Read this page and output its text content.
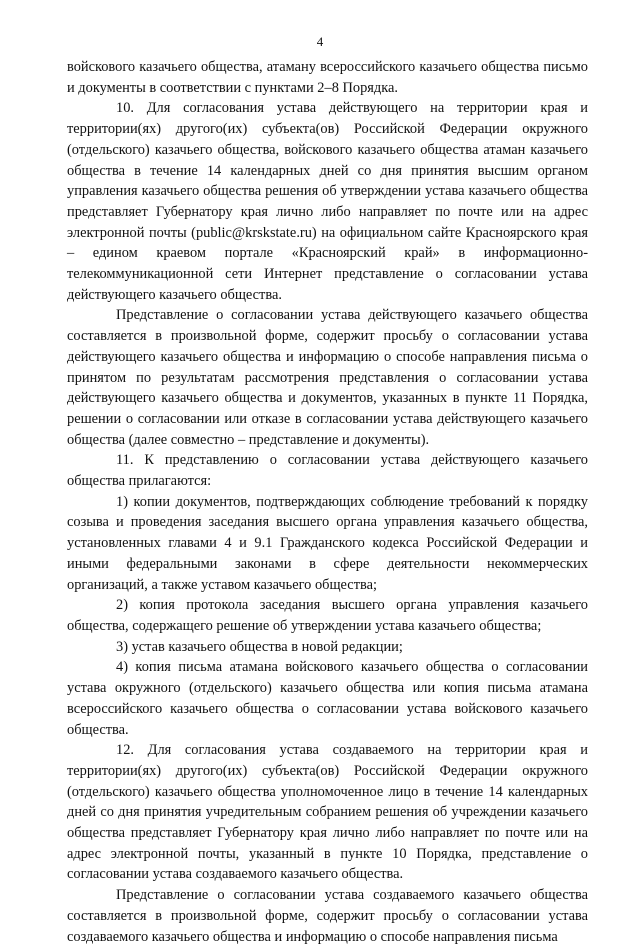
4

войскового казачьего общества, атаману всероссийского казачьего общества письмо и документы в соответствии с пунктами 2–8 Порядка.

10. Для согласования устава действующего на территории края и территории(ях) другого(их) субъекта(ов) Российской Федерации окружного (отдельского) казачьего общества, войскового казачьего общества атаман казачьего общества в течение 14 календарных дней со дня принятия высшим органом управления казачьего общества решения об утверждении устава казачьего общества представляет Губернатору края лично либо направляет по почте или на адрес электронной почты (public@krskstate.ru) на официальном сайте Красноярского края – едином краевом портале «Красноярский край» в информационно-телекоммуникационной сети Интернет представление о согласовании устава действующего казачьего общества.

Представление о согласовании устава действующего казачьего общества составляется в произвольной форме, содержит просьбу о согласовании устава действующего казачьего общества и информацию о способе направления письма о принятом по результатам рассмотрения представления о согласовании устава действующего казачьего общества и документов, указанных в пункте 11 Порядка, решении о согласовании или отказе в согласовании устава действующего казачьего общества (далее совместно – представление и документы).

11. К представлению о согласовании устава действующего казачьего общества прилагаются:

1) копии документов, подтверждающих соблюдение требований к порядку созыва и проведения заседания высшего органа управления казачьего общества, установленных главами 4 и 9.1 Гражданского кодекса Российской Федерации и иными федеральными законами в сфере деятельности некоммерческих организаций, а также уставом казачьего общества;

2) копия протокола заседания высшего органа управления казачьего общества, содержащего решение об утверждении устава казачьего общества;

3) устав казачьего общества в новой редакции;

4) копия письма атамана войскового казачьего общества о согласовании устава окружного (отдельского) казачьего общества или копия письма атамана всероссийского казачьего общества о согласовании устава войскового казачьего общества.

12. Для согласования устава создаваемого на территории края и территории(ях) другого(их) субъекта(ов) Российской Федерации окружного (отдельского) казачьего общества уполномоченное лицо в течение 14 календарных дней со дня принятия учредительным собранием решения об учреждении казачьего общества представляет Губернатору края лично либо направляет по почте или на адрес электронной почты, указанный в пункте 10 Порядка, представление о согласовании устава создаваемого казачьего общества.

Представление о согласовании устава создаваемого казачьего общества составляется в произвольной форме, содержит просьбу о согласовании устава создаваемого казачьего общества и информацию о способе направления письма
